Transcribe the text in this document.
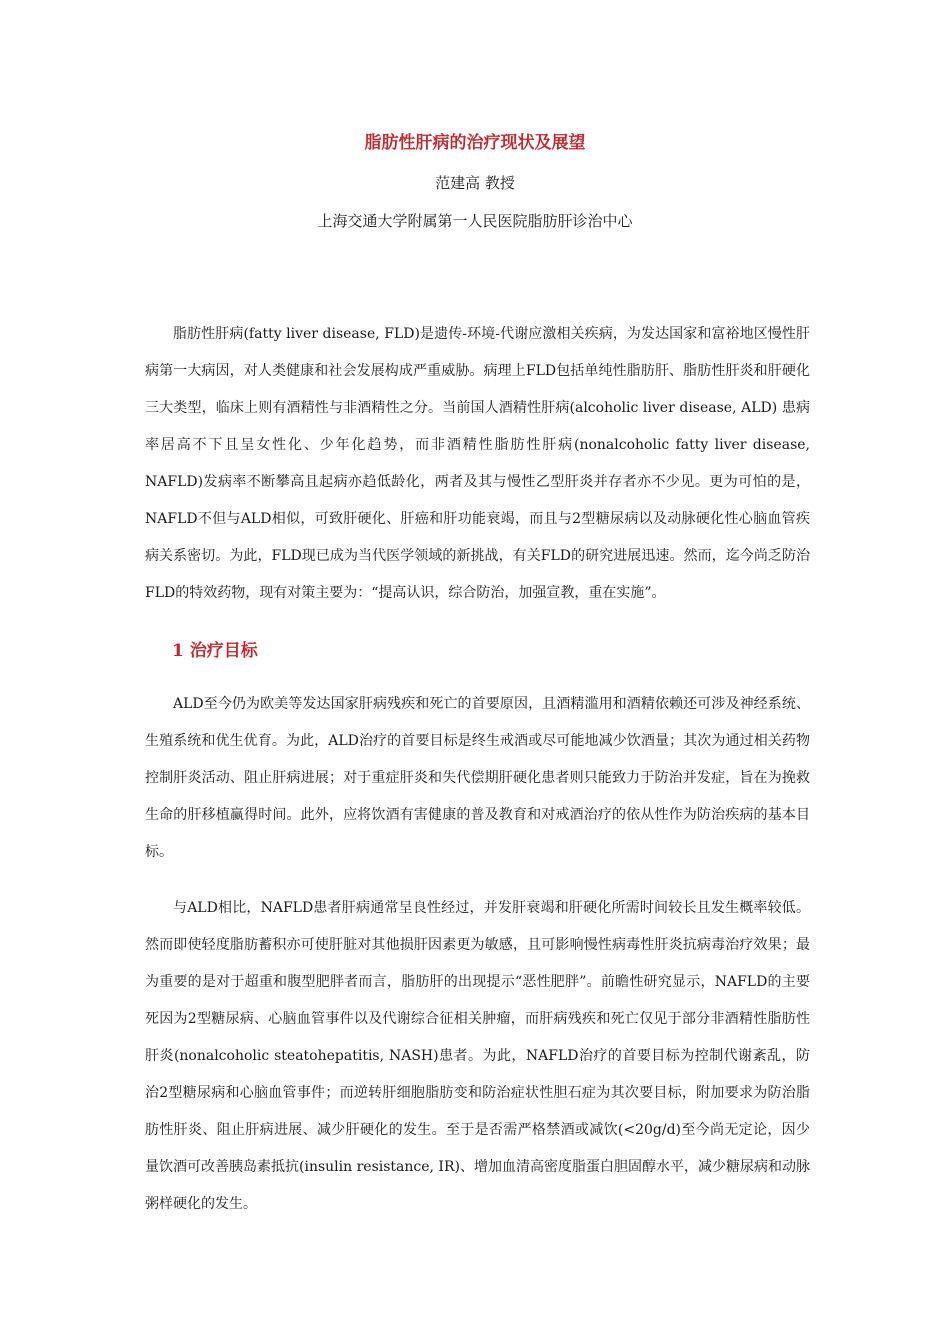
脂肪性肝病的治疗现状及展望
范建高 教授
上海交通大学附属第一人民医院脂肪肝诊治中心

脂肪性肝病(fatty liver disease, FLD)是遗传-环境-代谢应激相关疾病，为发达国家和富裕地区慢性肝病第一大病因，对人类健康和社会发展构成严重威胁。病理上FLD包括单纯性脂肪肝、脂肪性肝炎和肝硬化三大类型，临床上则有酒精性与非酒精性之分。当前国人酒精性肝病(alcoholic liver disease, ALD) 患病率居高不下且呈女性化、少年化趋势，而非酒精性脂肪性肝病(nonalcoholic fatty liver disease, NAFLD)发病率不断攀高且起病亦趋低龄化，两者及其与慢性乙型肝炎并存者亦不少见。更为可怕的是，NAFLD不但与ALD相似，可致肝硬化、肝癌和肝功能衰竭，而且与2型糖尿病以及动脉硬化性心脑血管疾病关系密切。为此，FLD现已成为当代医学领域的新挑战，有关FLD的研究进展迅速。然而，迄今尚乏防治FLD的特效药物，现有对策主要为：“提高认识，综合防治，加强宣教，重在实施”。

1 治疗目标

ALD至今仍为欧美等发达国家肝病残疾和死亡的首要原因，且酒精滥用和酒精依赖还可涉及神经系统、生殖系统和优生优育。为此，ALD治疗的首要目标是终生戒酒或尽可能地减少饮酒量；其次为通过相关药物控制肝炎活动、阻止肝病进展；对于重症肝炎和失代偿期肝硬化患者则只能致力于防治并发症，旨在为挽救生命的肝移植赢得时间。此外，应将饮酒有害健康的普及教育和对戒酒治疗的依从性作为防治疾病的基本目标。

与ALD相比，NAFLD患者肝病通常呈良性经过，并发肝衰竭和肝硬化所需时间较长且发生概率较低。然而即使轻度脂肪蓄积亦可使肝脏对其他损肝因素更为敏感，且可影响慢性病毒性肝炎抗病毒治疗效果；最为重要的是对于超重和腹型肥胖者而言，脂肪肝的出现提示“恶性肥胖”。前瞻性研究显示，NAFLD的主要死因为2型糖尿病、心脑血管事件以及代谢综合征相关肿瘤，而肝病残疾和死亡仅见于部分非酒精性脂肪性肝炎(nonalcoholic steatohepatitis, NASH)患者。为此，NAFLD治疗的首要目标为控制代谢紊乱，防治2型糖尿病和心脑血管事件；而逆转肝细胞脂肪变和防治症状性胆石症为其次要目标，附加要求为防治脂肪性肝炎、阻止肝病进展、减少肝硬化的发生。至于是否需严格禁酒或减饮(<20g/d)至今尚无定论，因少量饮酒可改善胰岛素抵抗(insulin resistance, IR)、增加血清高密度脂蛋白胆固醇水平，减少糖尿病和动脉粥样硬化的发生。
